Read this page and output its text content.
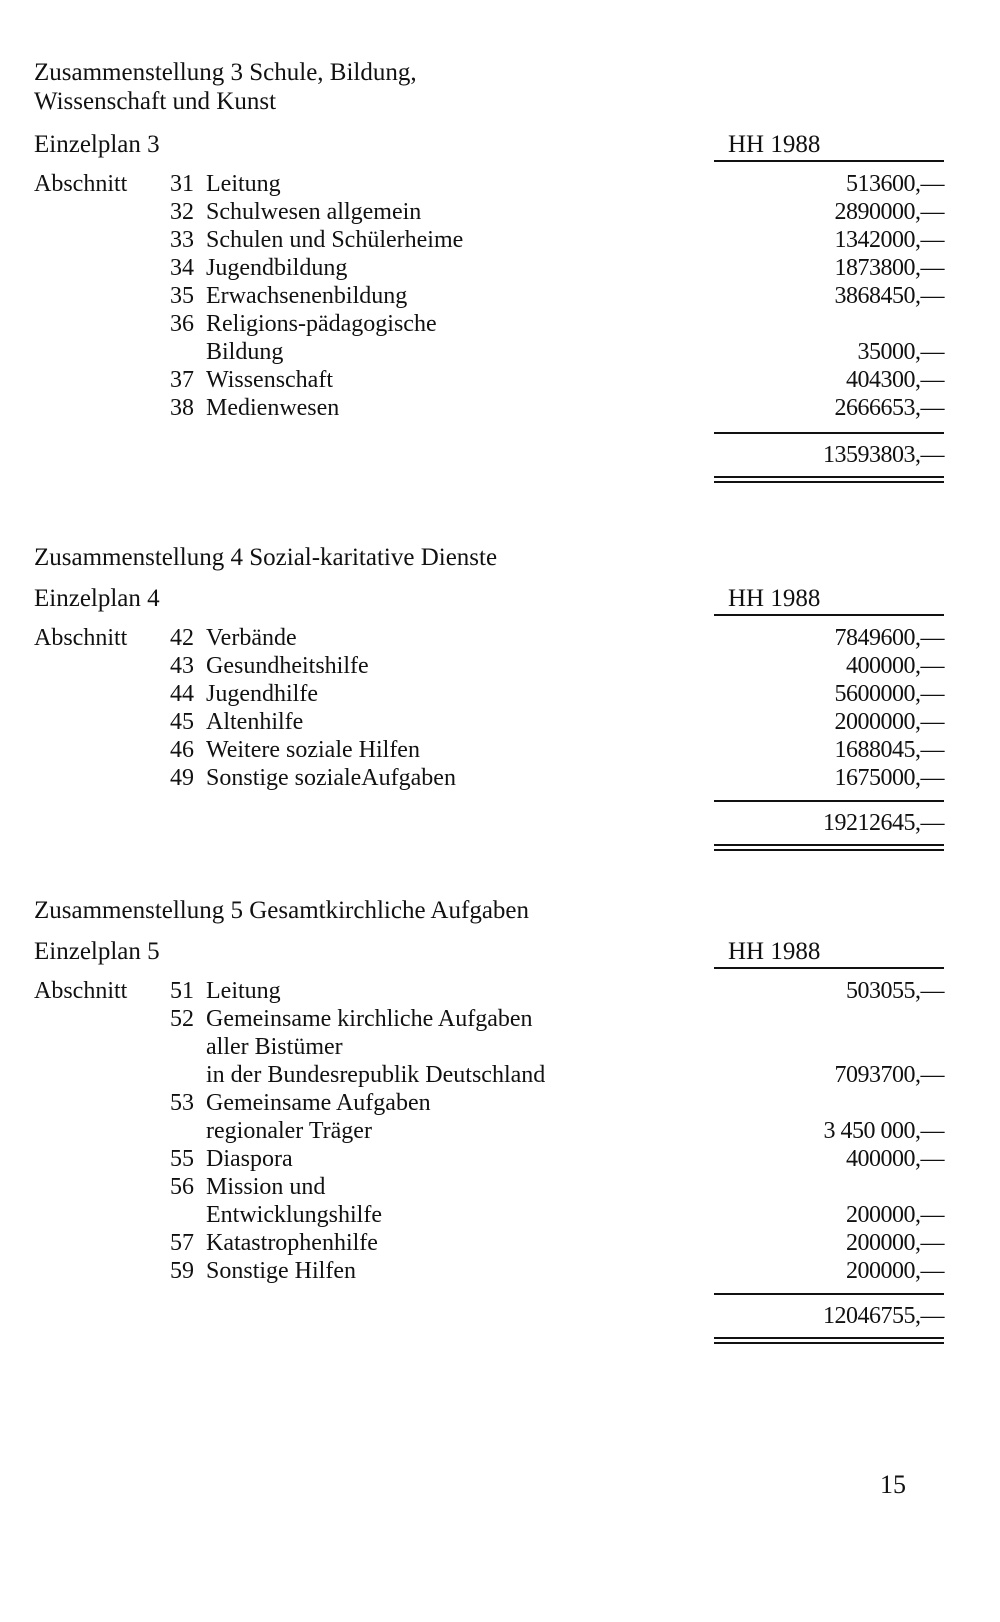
Zusammenstellung 3 Schule, Bildung,
Wissenschaft und Kunst
Einzelplan 3	HH 1988
Abschnitt 31 Leitung	513600,—
32 Schulwesen allgemein	2890000,—
33 Schulen und Schülerheime	1342000,—
34 Jugendbildung	1873800,—
35 Erwachsenenbildung	3868450,—
36 Religions-pädagogische
Bildung	35000,—
37 Wissenschaft	404300,—
38 Medienwesen	2666653,—
13593803,—
Zusammenstellung 4 Sozial-karitative Dienste
Einzelplan 4	HH 1988
Abschnitt 42 Verbände	7849600,—
43 Gesundheitshilfe	400000,—
44 Jugendhilfe	5600000,—
45 Altenhilfe	2000000,—
46 Weitere soziale Hilfen	1688045,—
49 Sonstige sozialeAufgaben	1675000,—
19212645,—
Zusammenstellung 5 Gesamtkirchliche Aufgaben
Einzelplan 5	HH 1988
Abschnitt 51 Leitung	503055,—
52 Gemeinsame kirchliche Aufgaben
aller Bistümer
in der Bundesrepublik Deutschland	7093700,—
53 Gemeinsame Aufgaben
regionaler Träger	3 450 000,—
55 Diaspora	400000,—
56 Mission und
Entwicklungshilfe	200000,—
57 Katastrophenhilfe	200000,—
59 Sonstige Hilfen	200000,—
12046755,—
15
